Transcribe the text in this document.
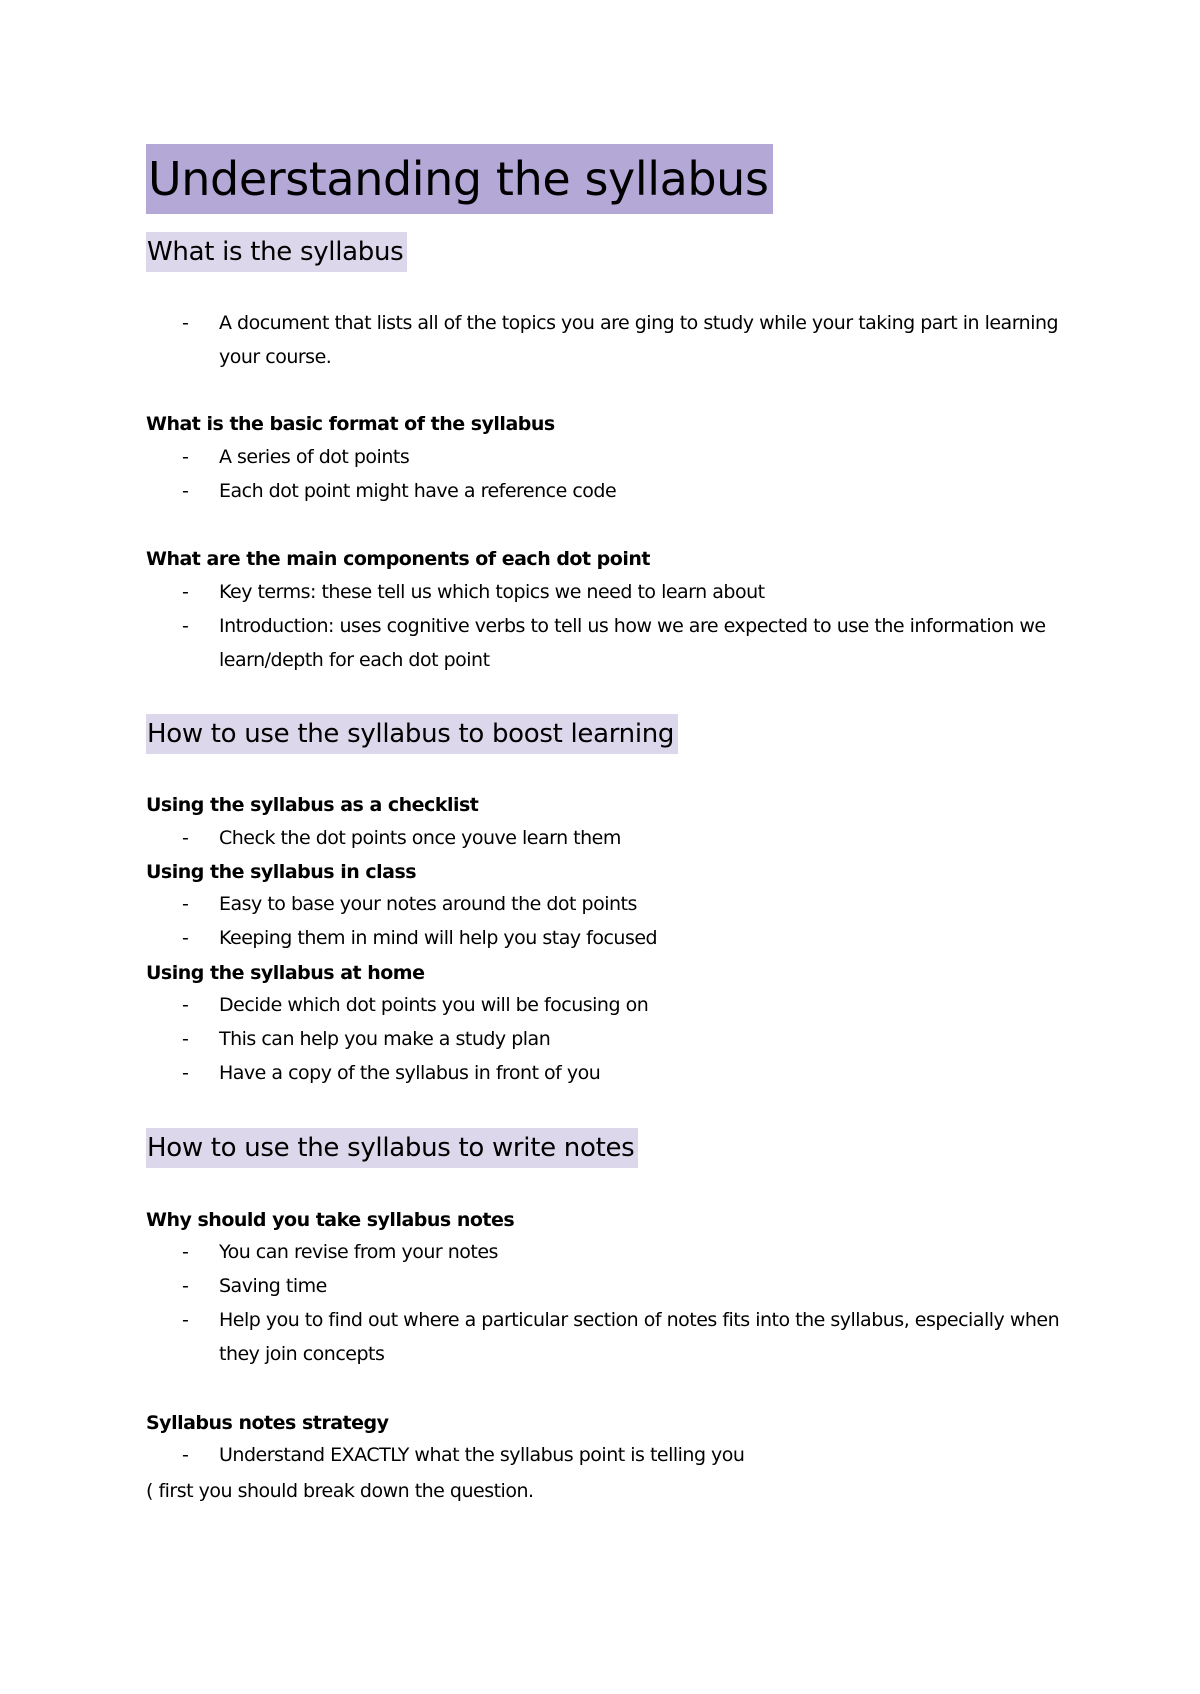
Understanding the syllabus
What is the syllabus
-	A document that lists all of the topics you are ging to study while your taking part in learning your course.
What is the basic format of the syllabus
-	A series of dot points
-	Each dot point might have a reference code
What are the main components of each dot point
-	Key terms: these tell us which topics we need to learn about
-	Introduction: uses cognitive verbs to tell us how we are expected to use the information we learn/depth for each dot point
How to use the syllabus to boost learning
Using the syllabus as a checklist
-	Check the dot points once youve learn them
Using the syllabus in class
-	Easy to base your notes around the dot points
-	Keeping them in mind will help you stay focused
Using the syllabus at home
-	Decide which dot points you will be focusing on
-	This can help you make a study plan
-	Have a copy of the syllabus in front of you
How to use the syllabus to write notes
Why should you take syllabus notes
-	You can revise from your notes
-	Saving time
-	Help you to find out where a particular section of notes fits into the syllabus, especially when they join concepts
Syllabus notes strategy
-	Understand EXACTLY what the syllabus point is telling you
( first you should break down the question.
